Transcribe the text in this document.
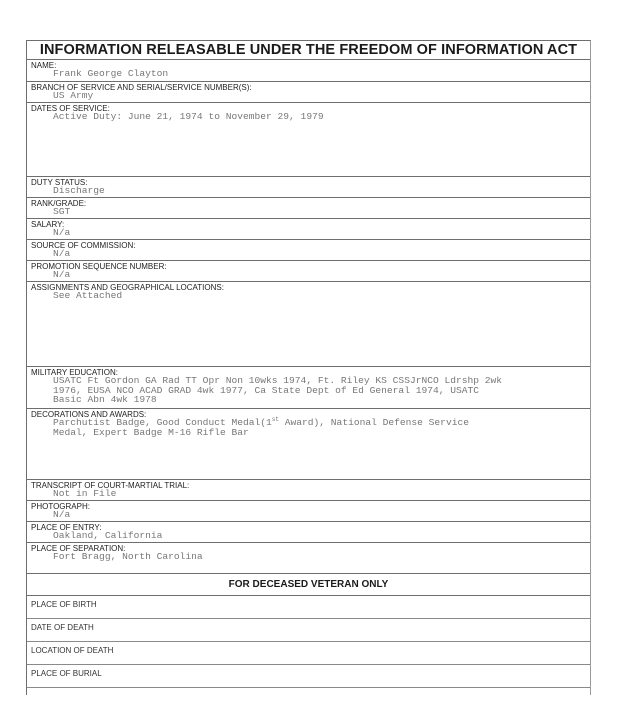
INFORMATION RELEASABLE UNDER THE FREEDOM OF INFORMATION ACT
NAME:
Frank George Clayton
BRANCH OF SERVICE AND SERIAL/SERVICE NUMBER(S):
US Army
DATES OF SERVICE:
Active Duty: June 21, 1974 to November 29, 1979
DUTY STATUS:
Discharge
RANK/GRADE:
SGT
SALARY:
N/a
SOURCE OF COMMISSION:
N/a
PROMOTION SEQUENCE NUMBER:
N/a
ASSIGNMENTS AND GEOGRAPHICAL LOCATIONS:
See Attached
MILITARY EDUCATION:
USATC Ft Gordon GA Rad TT Opr Non 10wks 1974, Ft. Riley KS CSSJrNCO Ldrshp 2wk
1976, EUSA NCO ACAD GRAD 4wk 1977, Ca State Dept of Ed General 1974, USATC
Basic Abn 4wk 1978
DECORATIONS AND AWARDS:
Parchutist Badge, Good Conduct Medal(1st Award), National Defense Service
Medal, Expert Badge M-16 Rifle Bar
TRANSCRIPT OF COURT-MARTIAL TRIAL:
Not in File
PHOTOGRAPH:
N/a
PLACE OF ENTRY:
Oakland, California
PLACE OF SEPARATION:
Fort Bragg, North Carolina
FOR DECEASED VETERAN ONLY
PLACE OF BIRTH
DATE OF DEATH
LOCATION OF DEATH
PLACE OF BURIAL
